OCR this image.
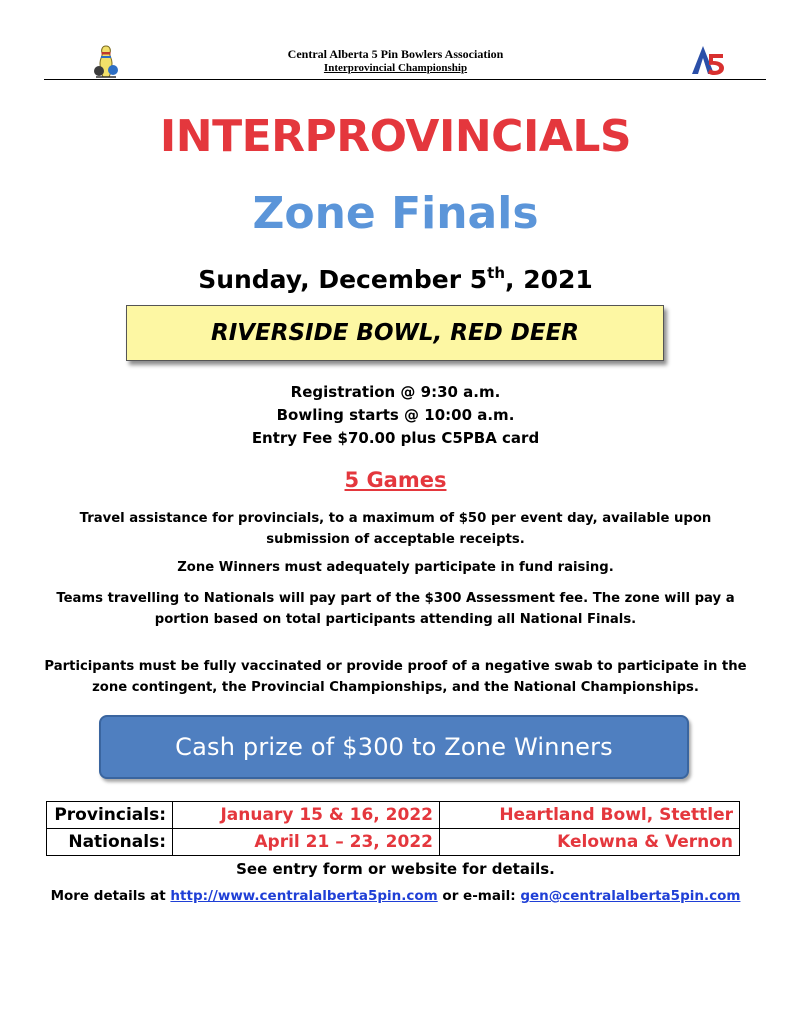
Central Alberta 5 Pin Bowlers Association
Interprovincial Championship
INTERPROVINCIALS
Zone Finals
Sunday, December 5th, 2021
RIVERSIDE BOWL, RED DEER
Registration @ 9:30 a.m.
Bowling starts @ 10:00 a.m.
Entry Fee $70.00 plus C5PBA card
5 Games
Travel assistance for provincials, to a maximum of $50 per event day, available upon submission of acceptable receipts.
Zone Winners must adequately participate in fund raising.
Teams travelling to Nationals will pay part of the $300 Assessment fee. The zone will pay a portion based on total participants attending all National Finals.
Participants must be fully vaccinated or provide proof of a negative swab to participate in the zone contingent, the Provincial Championships, and the National Championships.
Cash prize of $300 to Zone Winners
Provincials:	January 15 & 16, 2022	Heartland Bowl, Stettler
Nationals:	April 21 – 23, 2022	Kelowna & Vernon
See entry form or website for details.
More details at http://www.centralalberta5pin.com or e-mail: gen@centralalberta5pin.com
